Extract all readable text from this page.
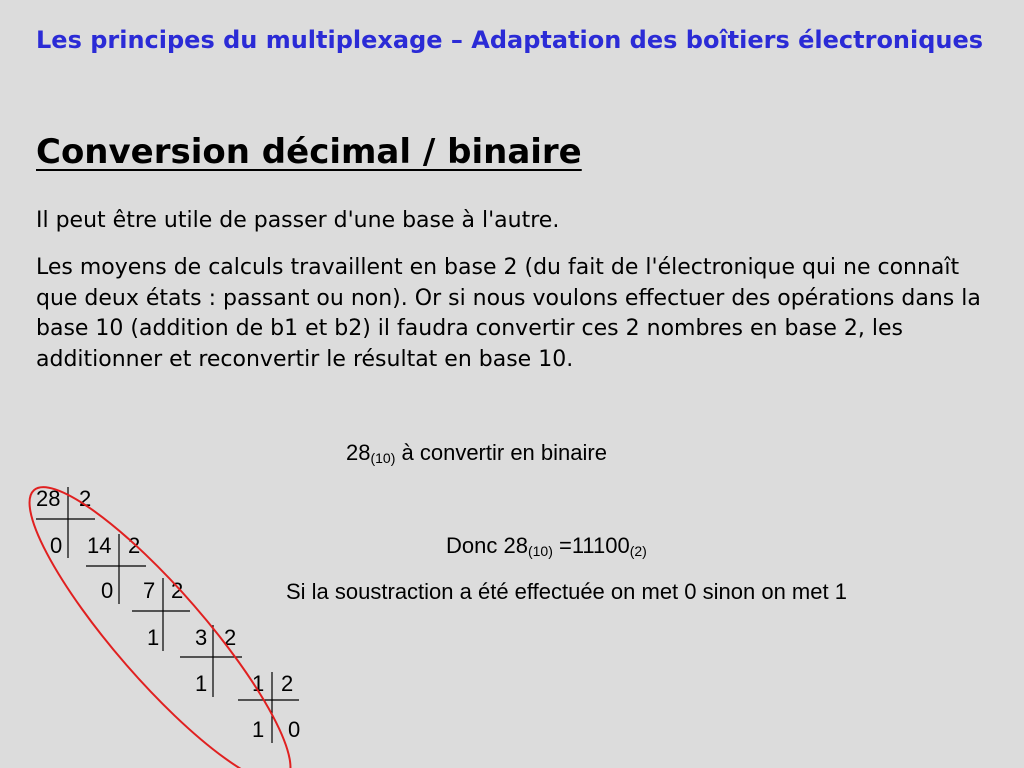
Les principes du multiplexage – Adaptation des boîtiers électroniques
Conversion décimal / binaire
Il peut être utile de passer d'une base à l'autre.
Les moyens de calculs travaillent en base 2 (du fait de l'électronique qui ne connaît que deux états : passant ou non). Or si nous voulons effectuer des opérations dans la base 10 (addition de b1 et b2) il faudra convertir ces 2 nombres en base 2, les additionner et reconvertir le résultat en base 10.
28(10) à convertir en binaire
Donc 28(10) =11100(2)
Si la soustraction a été effectuée on met 0 sinon on met 1
28 2
0 14 2
0 7 2
1 3 2
1 1 2
1 0
